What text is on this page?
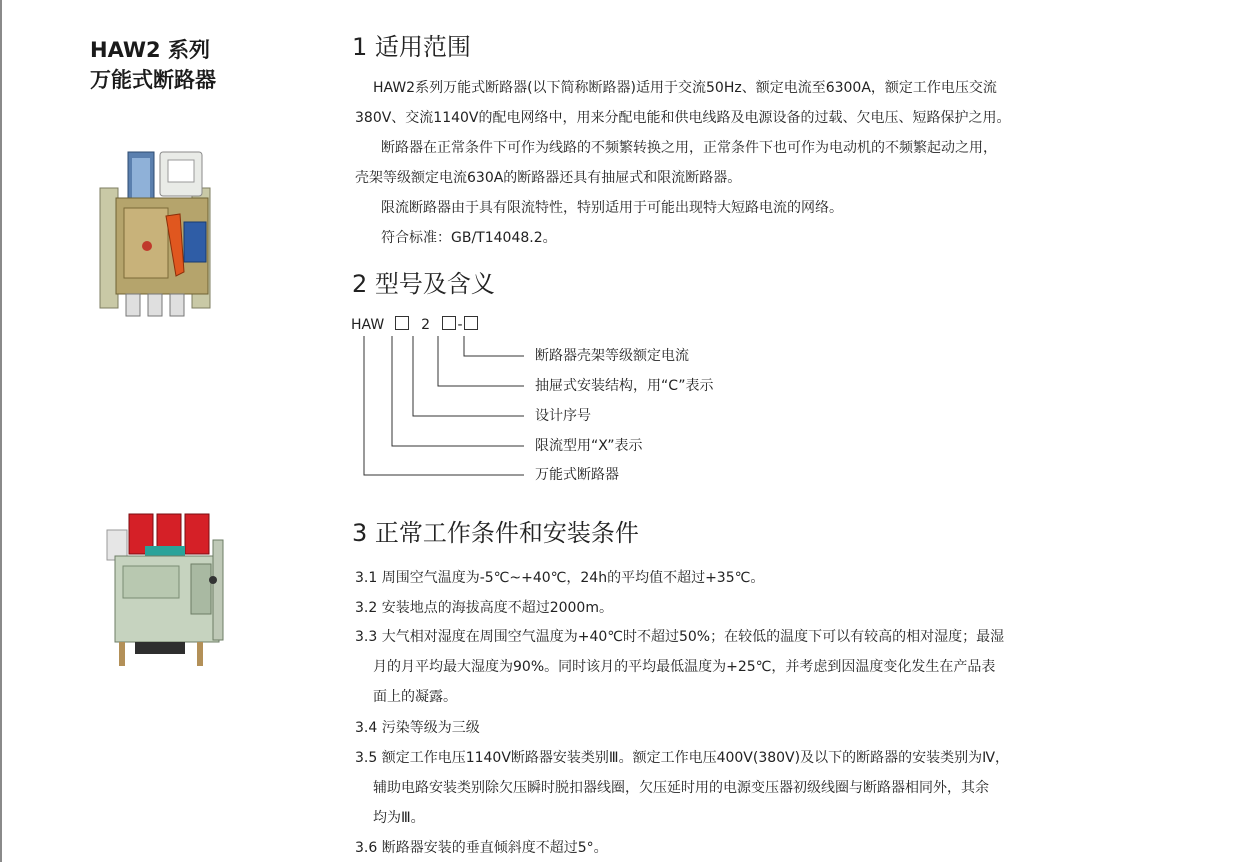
HAW2 系列
万能式断路器
1 适用范围

HAW2系列万能式断路器(以下简称断路器)适用于交流50Hz、额定电流至6300A，额定工作电压交流

380V、交流1140V的配电网络中，用来分配电能和供电线路及电源设备的过载、欠电压、短路保护之用。

断路器在正常条件下可作为线路的不频繁转换之用，正常条件下也可作为电动机的不频繁起动之用，

壳架等级额定电流630A的断路器还具有抽屉式和限流断路器。

限流断路器由于具有限流特性，特别适用于可能出现特大短路电流的网络。

符合标准：GB/T14048.2。

2 型号及含义

HAW	2 -

断路器壳架等级额定电流

抽屉式安装结构，用“C”表示

设计序号

限流型用“X”表示

万能式断路器

3 正常工作条件和安装条件

3.1 周围空气温度为-5℃~+40℃，24h的平均值不超过+35℃。

3.2 安装地点的海拔高度不超过2000m。

3.3 大气相对湿度在周围空气温度为+40℃时不超过50%；在较低的温度下可以有较高的相对湿度；最湿

月的月平均最大湿度为90%。同时该月的平均最低温度为+25℃，并考虑到因温度变化发生在产品表

面上的凝露。

3.4 污染等级为三级

3.5 额定工作电压1140V断路器安装类别Ⅲ。额定工作电压400V(380V)及以下的断路器的安装类别为Ⅳ，

辅助电路安装类别除欠压瞬时脱扣器线圈，欠压延时用的电源变压器初级线圈与断路器相同外，其余

均为Ⅲ。

3.6 断路器安装的垂直倾斜度不超过5°。
